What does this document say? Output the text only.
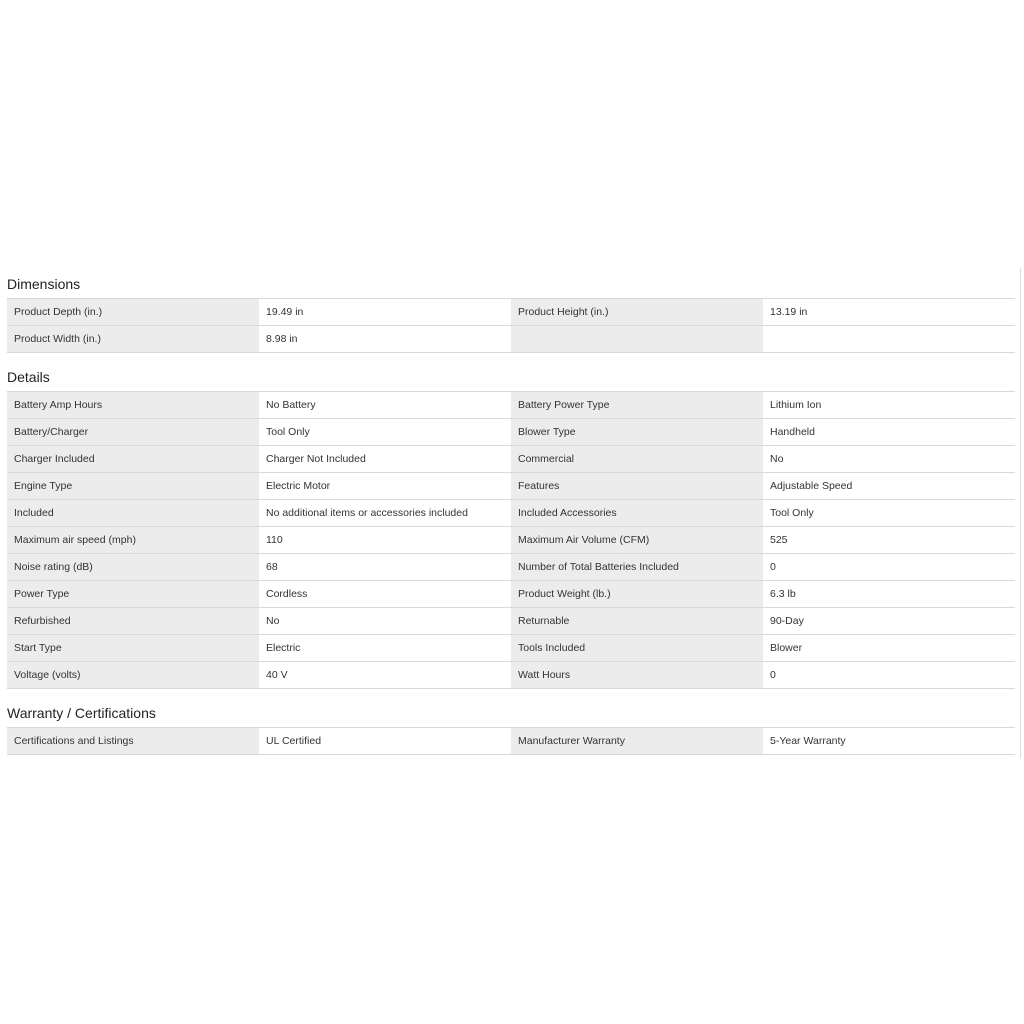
Dimensions
Product Depth (in.)	19.49 in	Product Height (in.)	13.19 in
Product Width (in.)	8.98 in
Details
Battery Amp Hours	No Battery	Battery Power Type	Lithium Ion
Battery/Charger	Tool Only	Blower Type	Handheld
Charger Included	Charger Not Included	Commercial	No
Engine Type	Electric Motor	Features	Adjustable Speed
Included	No additional items or accessories included	Included Accessories	Tool Only
Maximum air speed (mph)	110	Maximum Air Volume (CFM)	525
Noise rating (dB)	68	Number of Total Batteries Included	0
Power Type	Cordless	Product Weight (lb.)	6.3 lb
Refurbished	No	Returnable	90-Day
Start Type	Electric	Tools Included	Blower
Voltage (volts)	40 V	Watt Hours	0
Warranty / Certifications
Certifications and Listings	UL Certified	Manufacturer Warranty	5-Year Warranty
